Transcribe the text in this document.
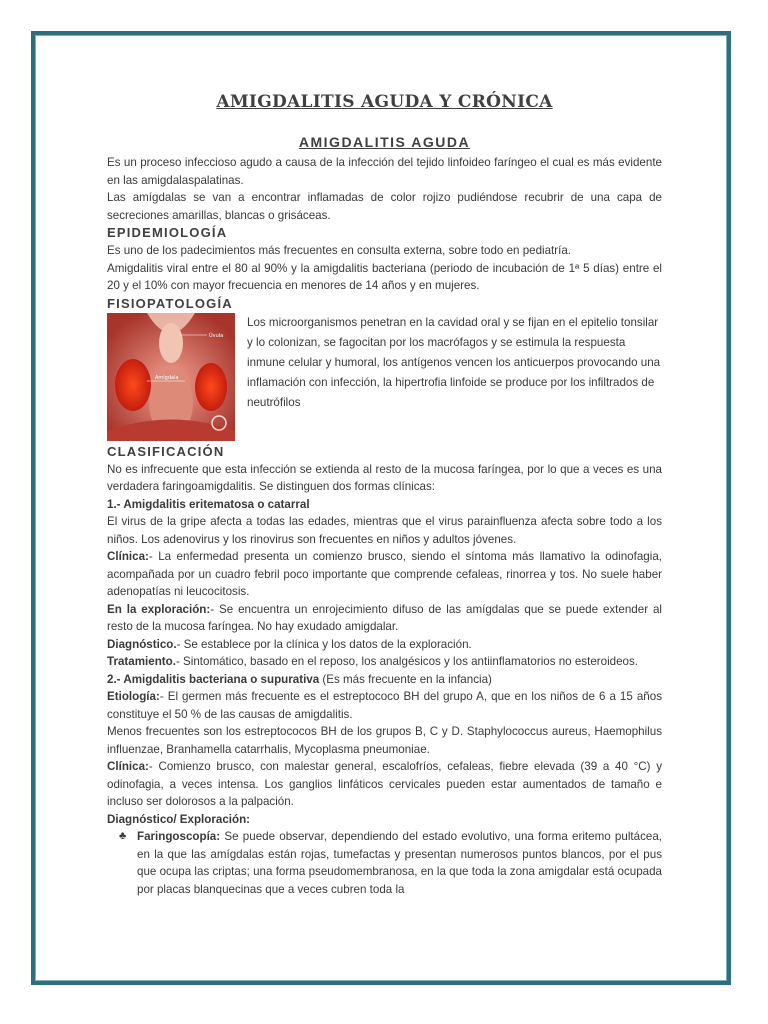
AMIGDALITIS AGUDA Y CRÓNICA
AMIGDALITIS AGUDA

Es un proceso infeccioso agudo a causa de la infección del tejido linfoideo faríngeo el cual es más evidente en las amigdalaspalatinas.

Las amígdalas se van a encontrar inflamadas de color rojizo pudiéndose recubrir de una capa de secreciones amarillas, blancas o grisáceas.

EPIDEMIOLOGÍA

Es uno de los padecimientos más frecuentes en consulta externa, sobre todo en pediatría.

Amigdalitis viral entre el 80 al 90% y la amigdalitis bacteriana (periodo de incubación de 1ª 5 días) entre el 20 y el 10% con mayor frecuencia en menores de 14 años y en mujeres.

FISIOPATOLOGÍA
Úvula
Amígdala
Los microorganismos penetran en la cavidad oral y se fijan en el epitelio tonsilar y lo colonizan, se fagocitan por los macrófagos y se estimula la respuesta inmune celular y humoral, los antígenos vencen los anticuerpos provocando una inflamación con infección, la hipertrofia linfoide se produce por los infiltrados de neutrófilos
CLASIFICACIÓN

No es infrecuente que esta infección se extienda al resto de la mucosa faríngea, por lo que a veces es una verdadera faringoamigdalitis. Se distinguen dos formas clínicas:

1.- Amigdalitis eritematosa o catarral

El virus de la gripe afecta a todas las edades, mientras que el virus parainfluenza afecta sobre todo a los niños. Los adenovirus y los rinovirus son frecuentes en niños y adultos jóvenes.

Clínica:- La enfermedad presenta un comienzo brusco, siendo el síntoma más llamativo la odinofagia, acompañada por un cuadro febril poco importante que comprende cefaleas, rinorrea y tos. No suele haber adenopatías ni leucocitosis.

En la exploración:- Se encuentra un enrojecimiento difuso de las amígdalas que se puede extender al resto de la mucosa faríngea. No hay exudado amigdalar.

Diagnóstico.- Se establece por la clínica y los datos de la exploración.

Tratamiento.- Sintomático, basado en el reposo, los analgésicos y los antiinflamatorios no esteroideos.

2.- Amigdalitis bacteriana o supurativa (Es más frecuente en la infancia)

Etiología:- El germen más frecuente es el estreptococo BH del grupo A, que en los niños de 6 a 15 años constituye el 50 % de las causas de amigdalitis.

Menos frecuentes son los estreptococos BH de los grupos B, C y D. Staphylococcus aureus, Haemophilus influenzae, Branhamella catarrhalis, Mycoplasma pneumoniae.

Clínica:- Comienzo brusco, con malestar general, escalofríos, cefaleas, fiebre elevada (39 a 40 °C) y odinofagia, a veces intensa. Los ganglios linfáticos cervicales pueden estar aumentados de tamaño e incluso ser dolorosos a la palpación.

Diagnóstico/ Exploración:

♣ Faringoscopía: Se puede observar, dependiendo del estado evolutivo, una forma eritemo pultácea, en la que las amígdalas están rojas, tumefactas y presentan numerosos puntos blancos, por el pus que ocupa las criptas; una forma pseudomembranosa, en la que toda la zona amigdalar está ocupada por placas blanquecinas que a veces cubren toda la
